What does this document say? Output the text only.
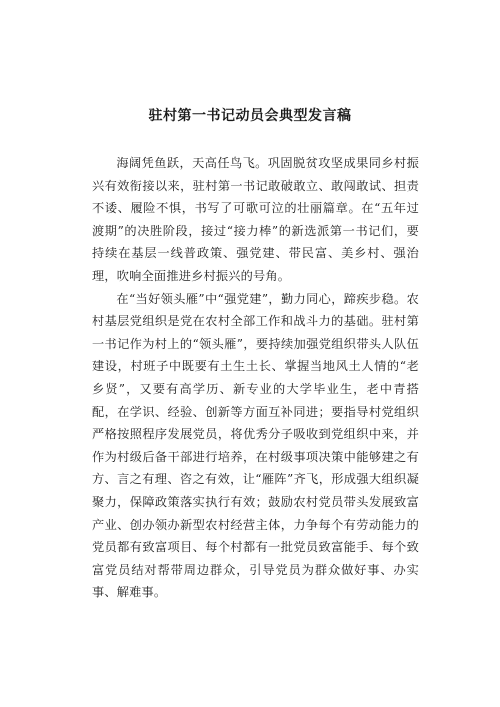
驻村第一书记动员会典型发言稿

海阔凭鱼跃，天高任鸟飞。巩固脱贫攻坚成果同乡村振兴有效衔接以来，驻村第一书记敢破敢立、敢闯敢试、担责不诿、履险不惧，书写了可歌可泣的壮丽篇章。在“五年过渡期”的决胜阶段，接过“接力棒”的新选派第一书记们，要持续在基层一线普政策、强党建、带民富、美乡村、强治理，吹响全面推进乡村振兴的号角。

在“当好领头雁”中“强党建”，勤力同心，蹄疾步稳。农村基层党组织是党在农村全部工作和战斗力的基础。驻村第一书记作为村上的“领头雁”，要持续加强党组织带头人队伍建设，村班子中既要有土生土长、掌握当地风土人情的“老乡贤”，又要有高学历、新专业的大学毕业生，老中青搭配，在学识、经验、创新等方面互补同进；要指导村党组织严格按照程序发展党员，将优秀分子吸收到党组织中来，并作为村级后备干部进行培养，在村级事项决策中能够建之有方、言之有理、咨之有效，让“雁阵”齐飞，形成强大组织凝聚力，保障政策落实执行有效；鼓励农村党员带头发展致富产业、创办领办新型农村经营主体，力争每个有劳动能力的党员都有致富项目、每个村都有一批党员致富能手、每个致富党员结对帮带周边群众，引导党员为群众做好事、办实事、解难事。
